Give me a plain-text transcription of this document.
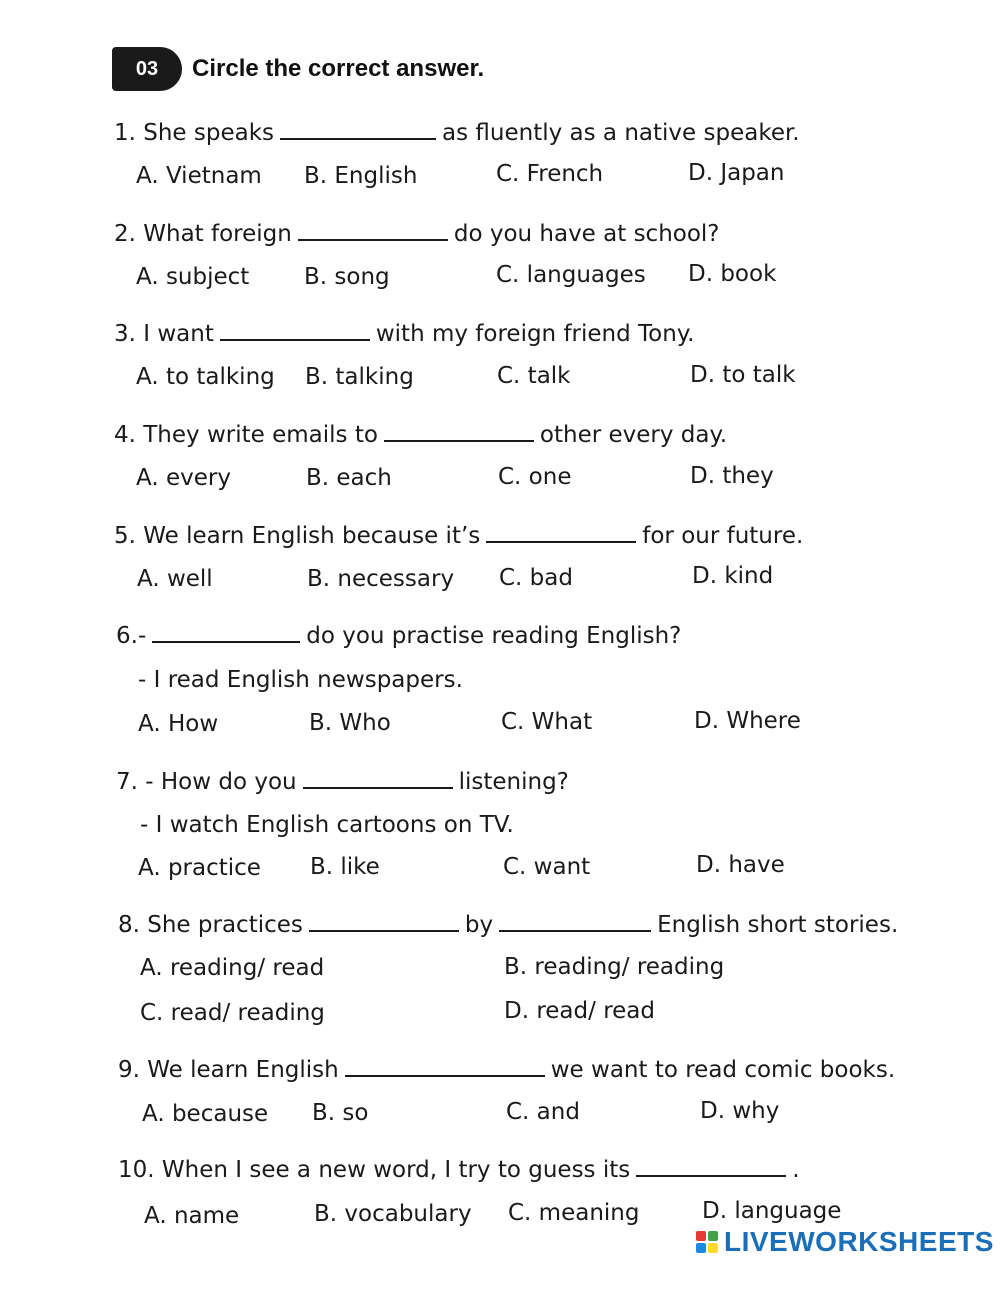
03	Circle the correct answer.
1. She speaks	as fluently as a native speaker.
A. Vietnam B. English	C. French	D. Japan
2. What foreign	do you have at school?
A. subject B. song	C. languages D. book
3. I want	with my foreign friend Tony.
A. to talking B. talking	C. talk	D. to talk
4. They write emails to	other every day.
A. every	B. each	C. one	D. they
5. We learn English because it’s	for our future.
A. well	B. necessary C. bad	D. kind
6.-	do you practise reading English?
- I read English newspapers.
A. How	B. Who	C. What	D. Where
7. - How do you	listening?
- I watch English cartoons on TV.
A. practice B. like	C. want	D. have
8. She practices	by	English short stories.
A. reading/ read	B. reading/ reading
C. read/ reading	D. read/ read
9. We learn English	we want to read comic books.
A. because B. so	C. and	D. why
10. When I see a new word, I try to guess its	.
A. name	B. vocabulary C. meaning	D. language
LIVEWORKSHEETS
